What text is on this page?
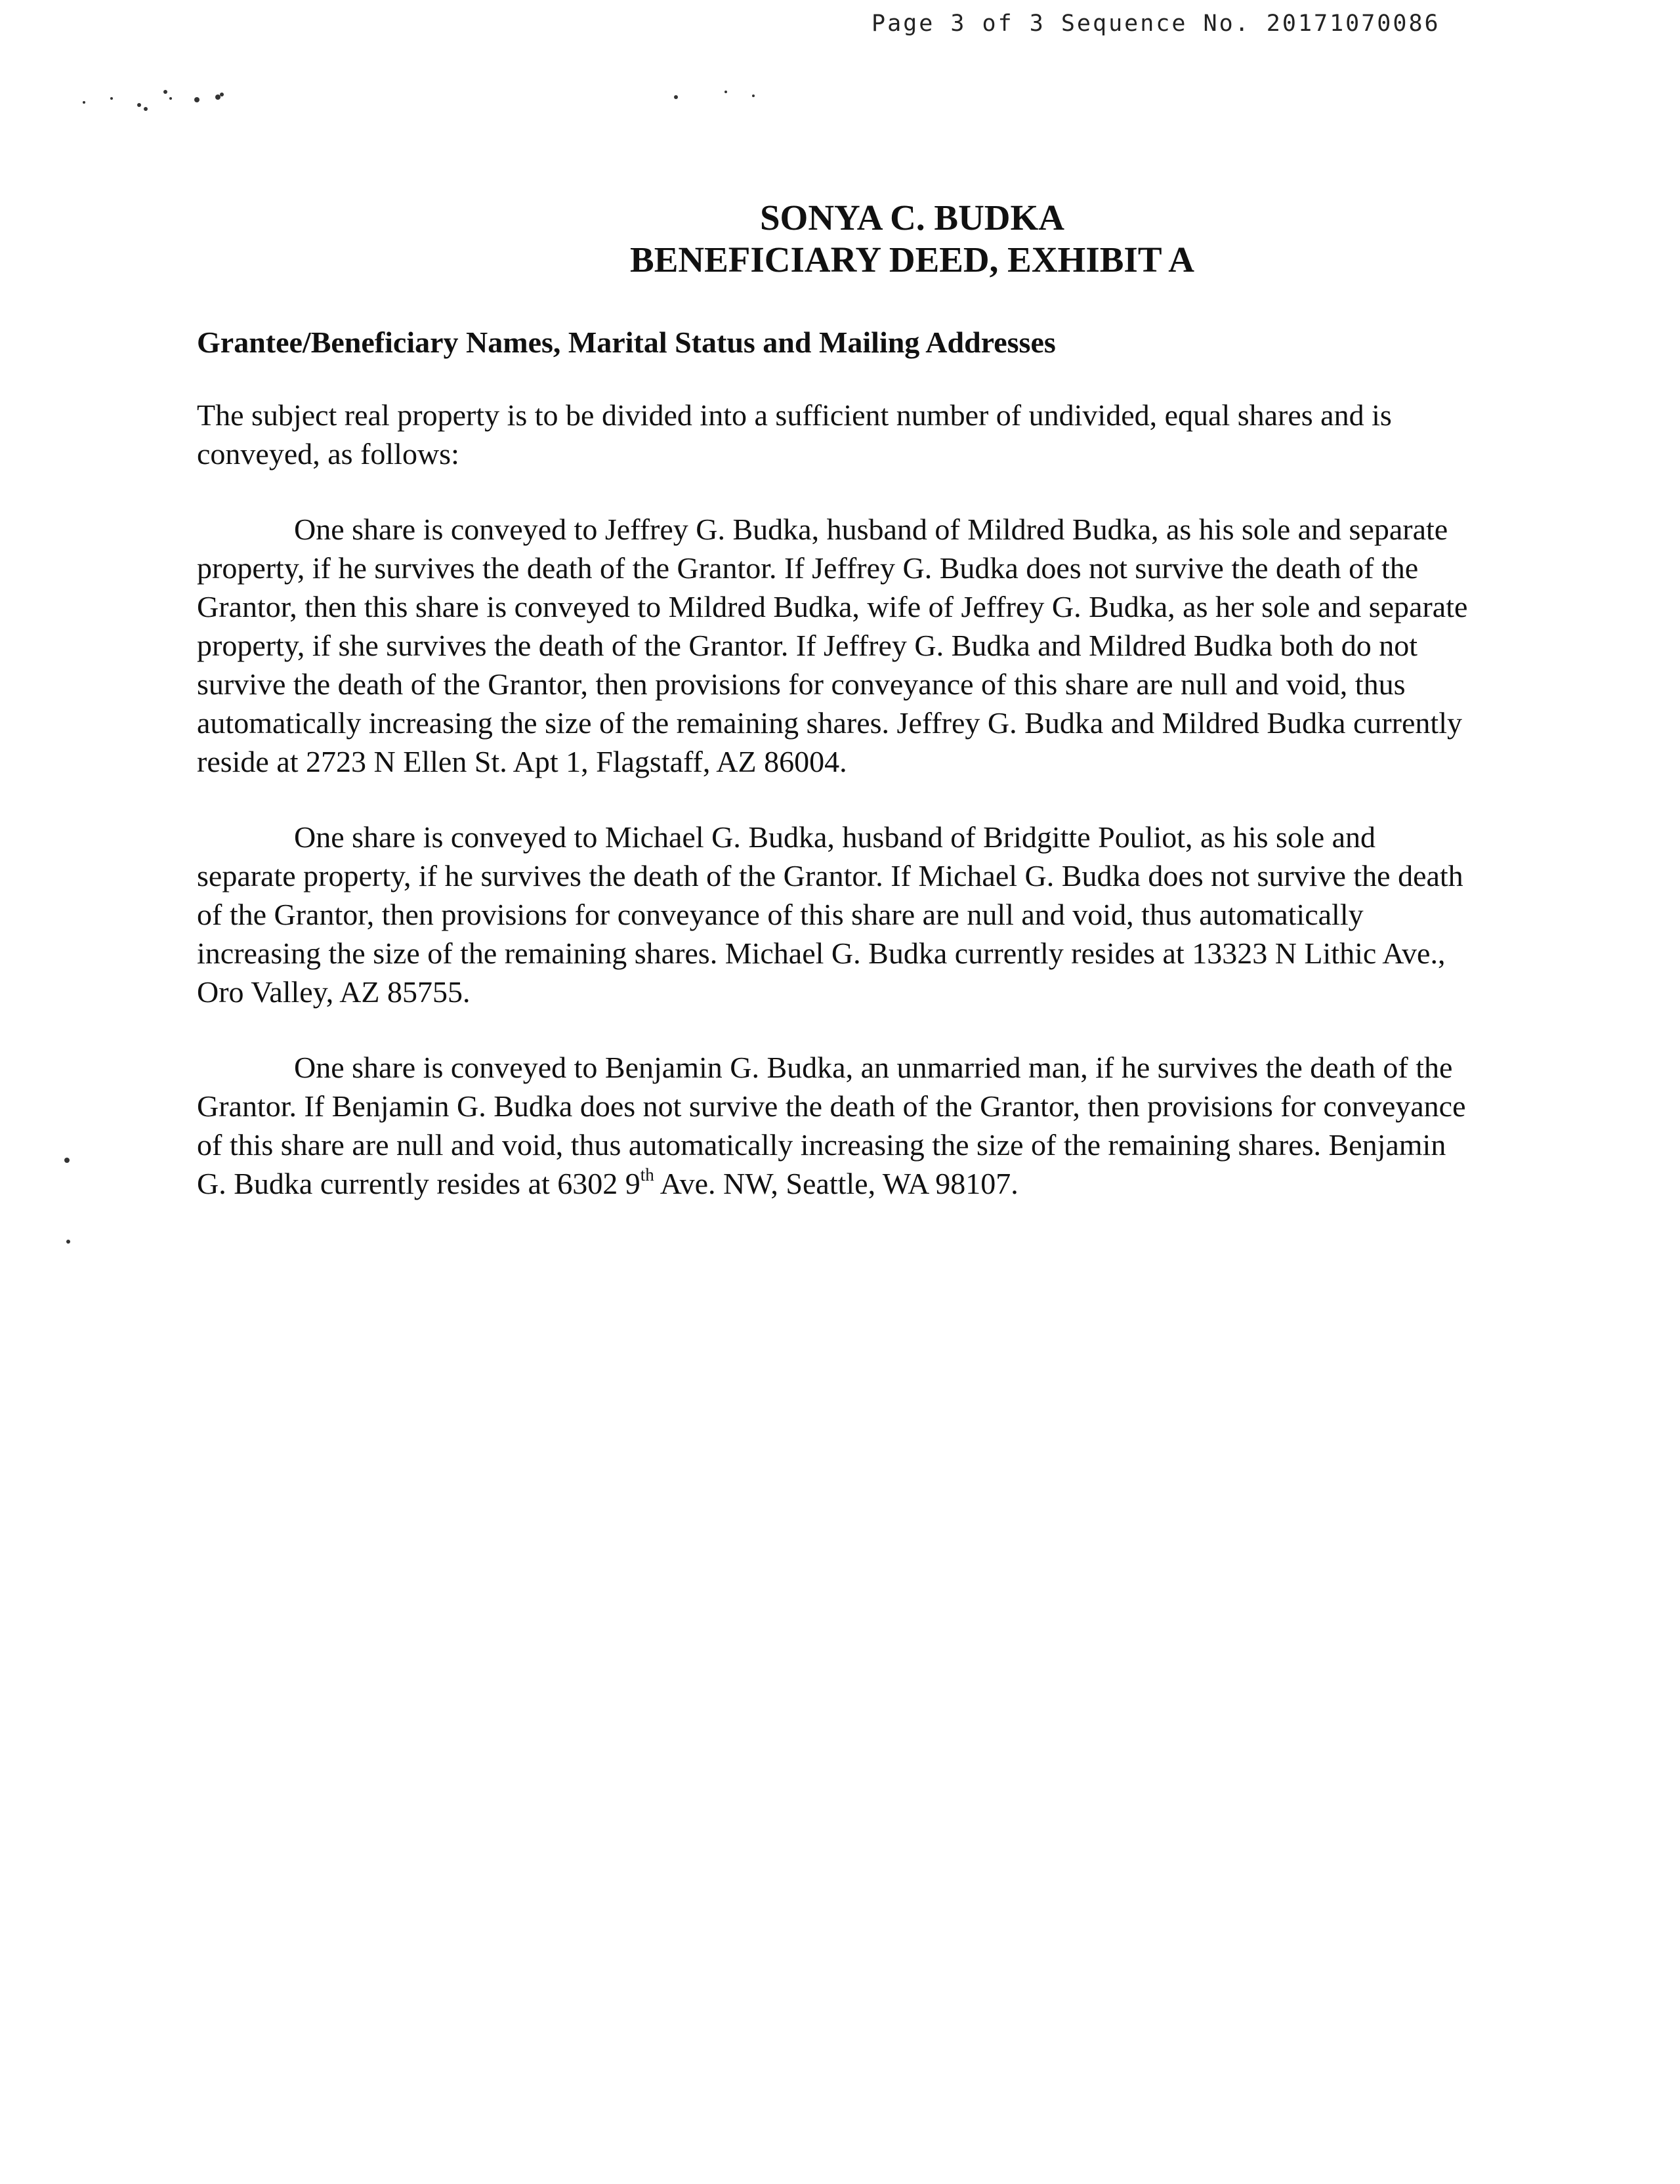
Page 3 of 3 Sequence No. 20171070086
SONYA C. BUDKA
BENEFICIARY DEED, EXHIBIT A

Grantee/Beneficiary Names, Marital Status and Mailing Addresses

The subject real property is to be divided into a sufficient number of undivided, equal shares and is conveyed, as follows:

One share is conveyed to Jeffrey G. Budka, husband of Mildred Budka, as his sole and separate property, if he survives the death of the Grantor. If Jeffrey G. Budka does not survive the death of the Grantor, then this share is conveyed to Mildred Budka, wife of Jeffrey G. Budka, as her sole and separate property, if she survives the death of the Grantor. If Jeffrey G. Budka and Mildred Budka both do not survive the death of the Grantor, then provisions for conveyance of this share are null and void, thus automatically increasing the size of the remaining shares. Jeffrey G. Budka and Mildred Budka currently reside at 2723 N Ellen St. Apt 1, Flagstaff, AZ 86004.

One share is conveyed to Michael G. Budka, husband of Bridgitte Pouliot, as his sole and separate property, if he survives the death of the Grantor. If Michael G. Budka does not survive the death of the Grantor, then provisions for conveyance of this share are null and void, thus automatically increasing the size of the remaining shares. Michael G. Budka currently resides at 13323 N Lithic Ave., Oro Valley, AZ 85755.

One share is conveyed to Benjamin G. Budka, an unmarried man, if he survives the death of the Grantor. If Benjamin G. Budka does not survive the death of the Grantor, then provisions for conveyance of this share are null and void, thus automatically increasing the size of the remaining shares. Benjamin G. Budka currently resides at 6302 9th Ave. NW, Seattle, WA 98107.
